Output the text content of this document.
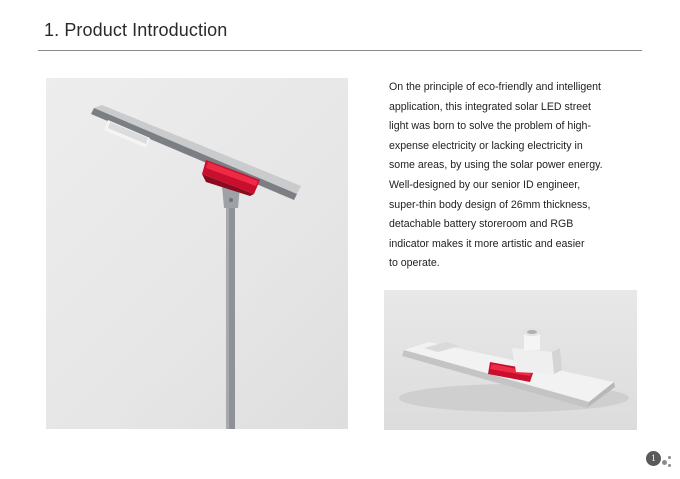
1. Product Introduction

On the principle of eco-friendly and intelligent
application, this integrated solar LED street
light was born to solve the problem of high-
expense electricity or lacking electricity in
some areas, by using the solar power energy.
Well-designed by our senior ID engineer,
super-thin body design of 26mm thickness,
detachable battery storeroom and RGB
indicator makes it more artistic and easier
to operate.

1
